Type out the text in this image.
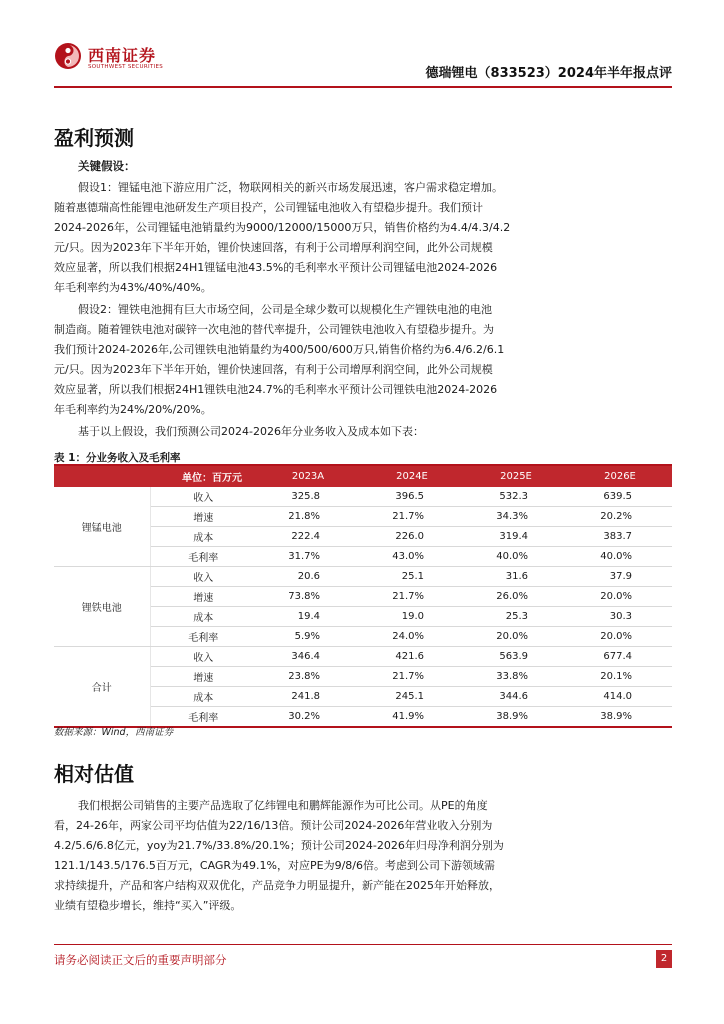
西南证券
SOUTHWEST SECURITIES	德瑞锂电（833523）2024年半年报点评
盈利预测
关键假设：
假设1：锂锰电池下游应用广泛，物联网相关的新兴市场发展迅速，客户需求稳定增加。
随着惠德瑞高性能锂电池研发生产项目投产，公司锂锰电池收入有望稳步提升。我们预计
2024-2026年，公司锂锰电池销量约为9000/12000/15000万只，销售价格约为4.4/4.3/4.2
元/只。因为2023年下半年开始，锂价快速回落，有利于公司增厚利润空间，此外公司规模
效应显著，所以我们根据24H1锂锰电池43.5%的毛利率水平预计公司锂锰电池2024-2026
年毛利率约为43%/40%/40%。
假设2：锂铁电池拥有巨大市场空间，公司是全球少数可以规模化生产锂铁电池的电池
制造商。随着锂铁电池对碳锌一次电池的替代率提升，公司锂铁电池收入有望稳步提升。为
我们预计2024-2026年,公司锂铁电池销量约为400/500/600万只,销售价格约为6.4/6.2/6.1
元/只。因为2023年下半年开始，锂价快速回落，有利于公司增厚利润空间，此外公司规模
效应显著，所以我们根据24H1锂铁电池24.7%的毛利率水平预计公司锂铁电池2024-2026
年毛利率约为24%/20%/20%。
基于以上假设，我们预测公司2024-2026年分业务收入及成本如下表：
表 1：分业务收入及毛利率
单位：百万元		2023A	2024E	2025E	2026E
锂锰电池	收入	325.8	396.5	532.3	639.5
	增速	21.8%	21.7%	34.3%	20.2%
	成本	222.4	226.0	319.4	383.7
	毛利率	31.7%	43.0%	40.0%	40.0%
锂铁电池	收入	20.6	25.1	31.6	37.9
	增速	73.8%	21.7%	26.0%	20.0%
	成本	19.4	19.0	25.3	30.3
	毛利率	5.9%	24.0%	20.0%	20.0%
合计	收入	346.4	421.6	563.9	677.4
	增速	23.8%	21.7%	33.8%	20.1%
	成本	241.8	245.1	344.6	414.0
	毛利率	30.2%	41.9%	38.9%	38.9%
数据来源：Wind，西南证券
相对估值
我们根据公司销售的主要产品选取了亿纬锂电和鹏辉能源作为可比公司。从PE的角度
看，24-26年，两家公司平均估值为22/16/13倍。预计公司2024-2026年营业收入分别为
4.2/5.6/6.8亿元，yoy为21.7%/33.8%/20.1%；预计公司2024-2026年归母净利润分别为
121.1/143.5/176.5百万元，CAGR为49.1%，对应PE为9/8/6倍。考虑到公司下游领域需
求持续提升，产品和客户结构双双优化，产品竞争力明显提升，新产能在2025年开始释放，
业绩有望稳步增长，维持“买入”评级。
请务必阅读正文后的重要声明部分	2
